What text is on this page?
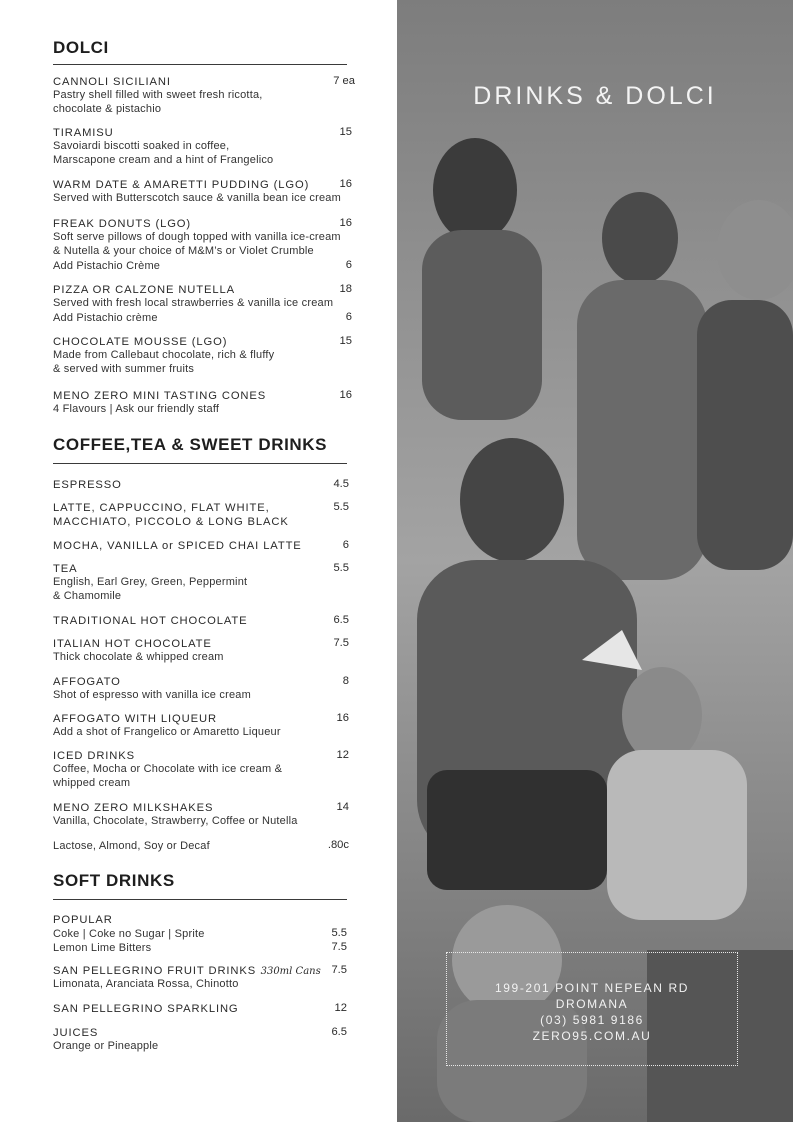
DOLCI
CANNOLI SICILIANI	7 ea
Pastry shell filled with sweet fresh ricotta,
chocolate & pistachio
TIRAMISU	15
Savoiardi biscotti soaked in coffee,
Marscapone cream and a hint of Frangelico
WARM DATE & AMARETTI PUDDING (LGO)	16
Served with Butterscotch sauce & vanilla bean ice cream
FREAK DONUTS (LGO)	16
Soft serve pillows of dough topped with vanilla ice-cream
& Nutella & your choice of M&M’s or Violet Crumble
Add Pistachio Crème	6
PIZZA OR CALZONE NUTELLA	18
Served with fresh local strawberries & vanilla ice cream
Add Pistachio crème	6
CHOCOLATE MOUSSE (LGO)	15
Made from Callebaut chocolate, rich & fluffy
& served with summer fruits
MENO ZERO MINI TASTING CONES	16
4 Flavours | Ask our friendly staff
COFFEE,TEA & SWEET DRINKS
ESPRESSO	4.5
LATTE, CAPPUCCINO, FLAT WHITE,	5.5
MACCHIATO, PICCOLO & LONG BLACK
MOCHA, VANILLA or SPICED CHAI LATTE	6
TEA	5.5
English, Earl Grey, Green, Peppermint
& Chamomile
TRADITIONAL HOT CHOCOLATE	6.5
ITALIAN HOT CHOCOLATE	7.5
Thick chocolate & whipped cream
AFFOGATO	8
Shot of espresso with vanilla ice cream
AFFOGATO WITH LIQUEUR	16
Add a shot of Frangelico or Amaretto Liqueur
ICED DRINKS	12
Coffee, Mocha or Chocolate with ice cream &
whipped cream
MENO ZERO MILKSHAKES	14
Vanilla, Chocolate, Strawberry, Coffee or Nutella
Lactose, Almond, Soy or Decaf	.80c
SOFT DRINKS
POPULAR
Coke | Coke no Sugar | Sprite	5.5
Lemon Lime Bitters	7.5
SAN PELLEGRINO FRUIT DRINKS 330ml Cans 7.5
Limonata, Aranciata Rossa, Chinotto
SAN PELLEGRINO SPARKLING	12
JUICES	6.5
Orange or Pineapple
DRINKS & DOLCI
199-201 POINT NEPEAN RD
DROMANA
(03) 5981 9186
ZERO95.COM.AU
